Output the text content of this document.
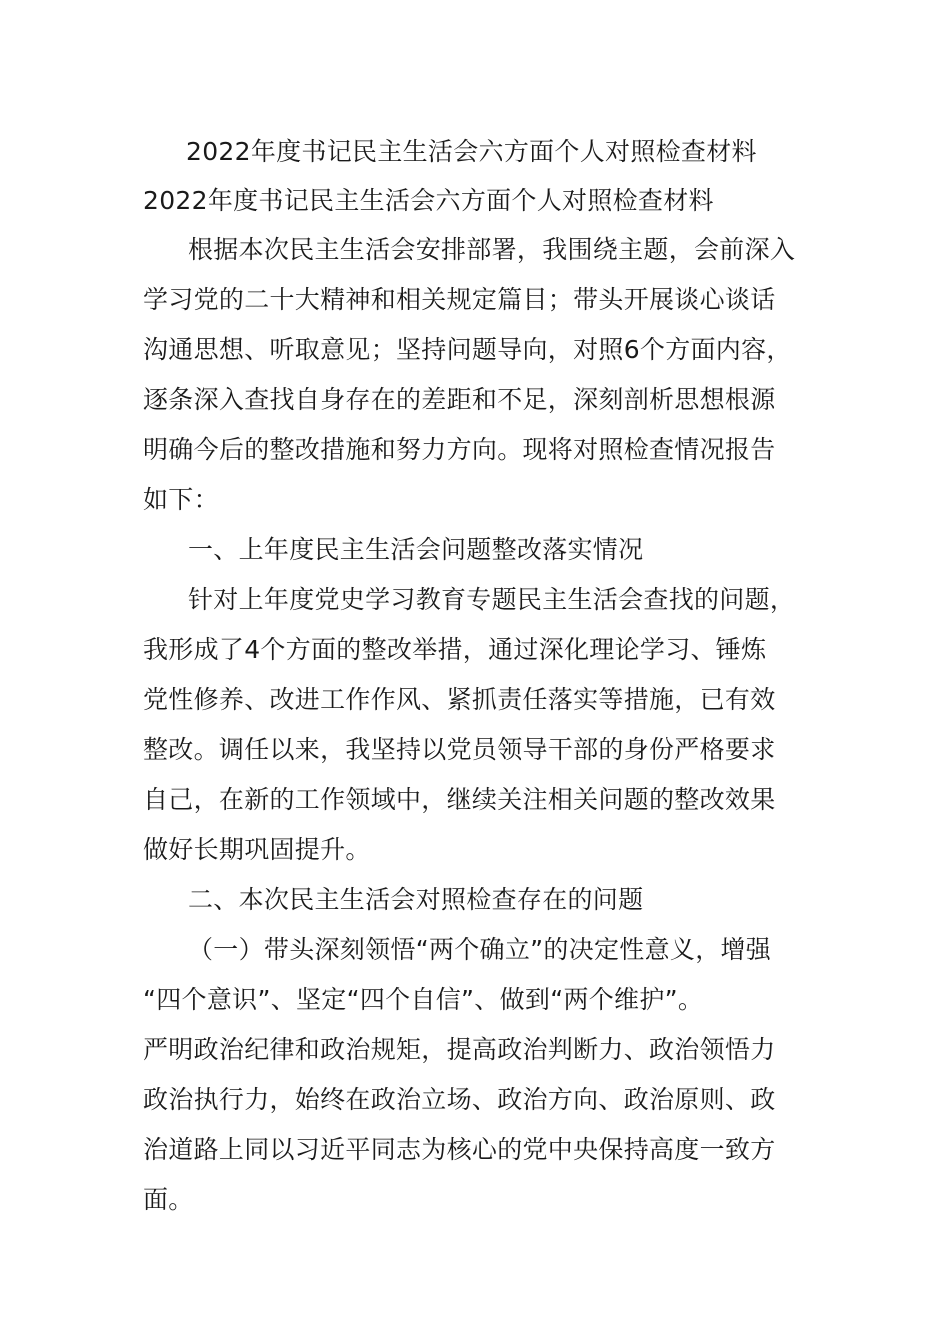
2022年度书记民主生活会六方面个人对照检查材料
2022年度书记民主生活会六方面个人对照检查材料
根据本次民主生活会安排部署，我围绕主题，会前深入
学习党的二十大精神和相关规定篇目；带头开展谈心谈话
沟通思想、听取意见；坚持问题导向，对照6个方面内容，
逐条深入查找自身存在的差距和不足，深刻剖析思想根源
明确今后的整改措施和努力方向。现将对照检查情况报告
如下：
一、上年度民主生活会问题整改落实情况
针对上年度党史学习教育专题民主生活会查找的问题，
我形成了4个方面的整改举措，通过深化理论学习、锤炼
党性修养、改进工作作风、紧抓责任落实等措施，已有效
整改。调任以来，我坚持以党员领导干部的身份严格要求
自己，在新的工作领域中，继续关注相关问题的整改效果
做好长期巩固提升。
二、本次民主生活会对照检查存在的问题
（一）带头深刻领悟“两个确立”的决定性意义，增强
“四个意识”、坚定“四个自信”、做到“两个维护”。
严明政治纪律和政治规矩，提高政治判断力、政治领悟力
政治执行力，始终在政治立场、政治方向、政治原则、政
治道路上同以习近平同志为核心的党中央保持高度一致方
面。
